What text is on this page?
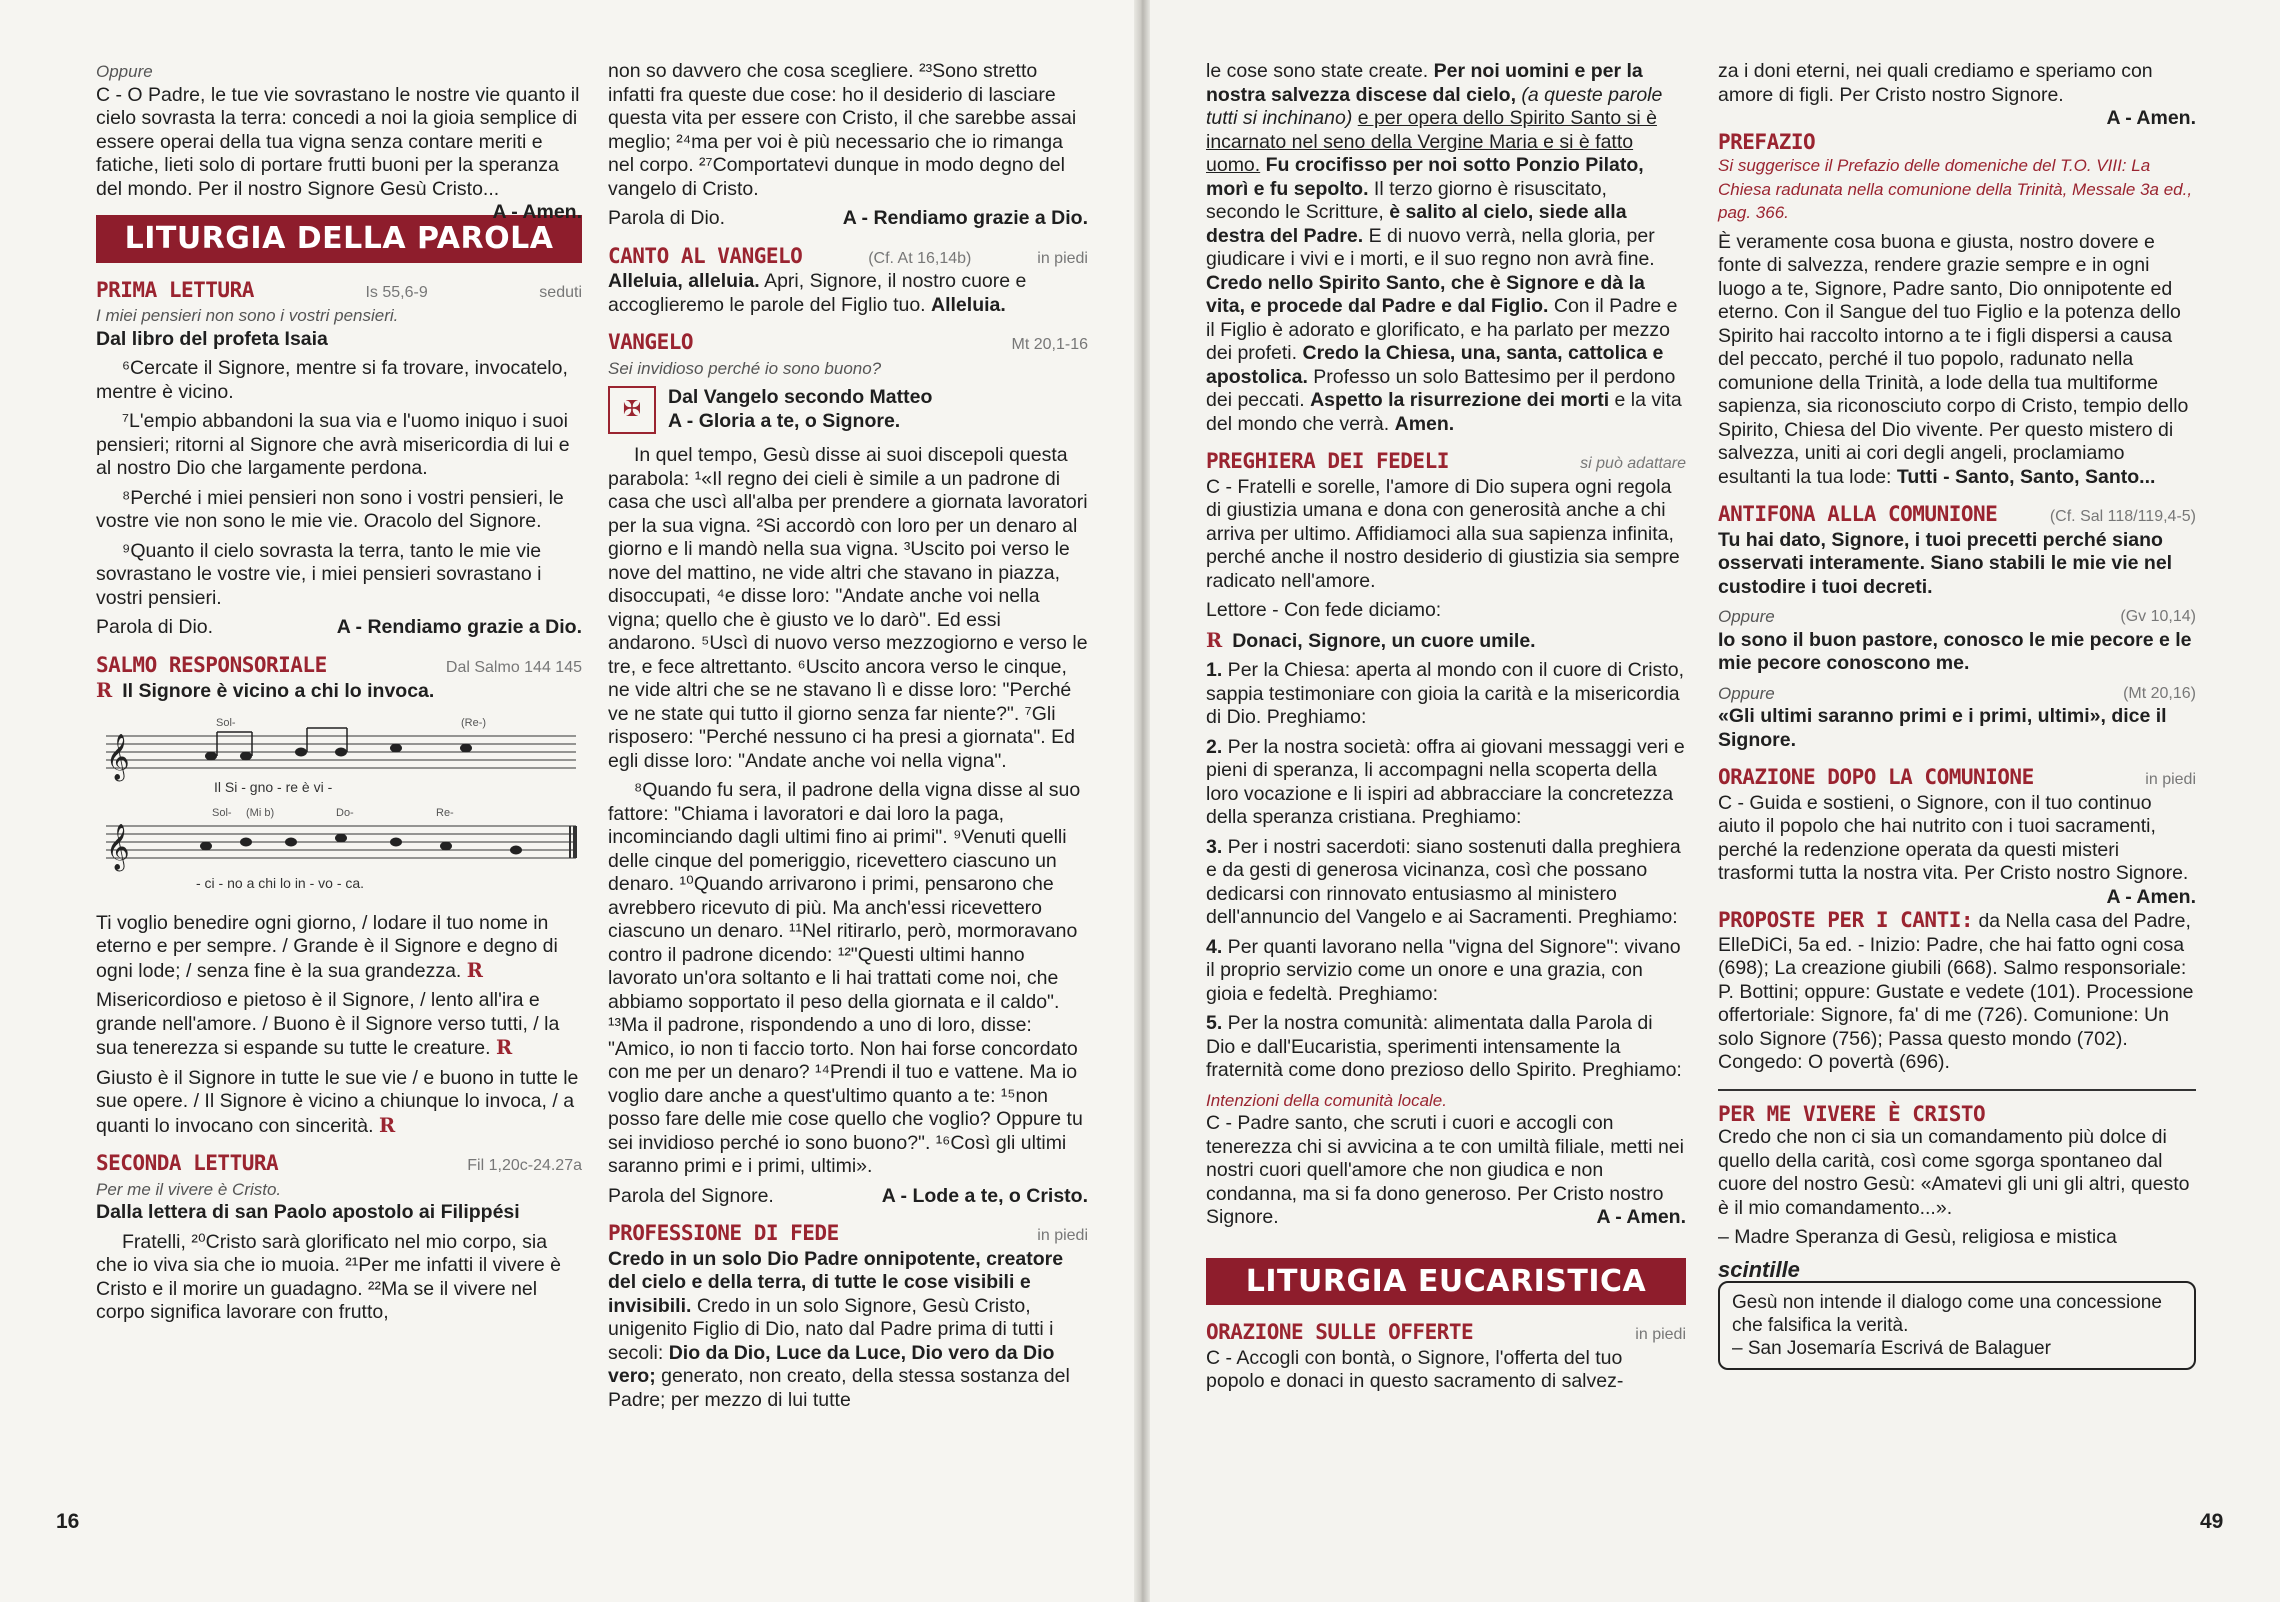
Oppure

C - O Padre, le tue vie sovrastano le nostre vie quanto il cielo sovrasta la terra: concedi a noi la gioia semplice di essere operai della tua vigna senza contare meriti e fatiche, lieti solo di portare frutti buoni per la speranza del mondo. Per il nostro Signore Gesù Cristo...
A - Amen.

LITURGIA DELLA PAROLA
PRIMA LETTURA	Is 55,6-9	seduti
I miei pensieri non sono i vostri pensieri.

Dal libro del profeta Isaia

⁶Cercate il Signore, mentre si fa trovare, invocatelo, mentre è vicino.

⁷L'empio abbandoni la sua via e l'uomo iniquo i suoi pensieri; ritorni al Signore che avrà misericordia di lui e al nostro Dio che largamente perdona.

⁸Perché i miei pensieri non sono i vostri pensieri, le vostre vie non sono le mie vie. Oracolo del Signore.

⁹Quanto il cielo sovrasta la terra, tanto le mie vie sovrastano le vostre vie, i miei pensieri sovrastano i vostri pensieri.

Parola di Dio.	A - Rendiamo grazie a Dio.
SALMO RESPONSORIALE	Dal Salmo 144 145

R Il Signore è vicino a chi lo invoca.

Sol-	(Re-)
𝄞
Il Si - gno - re è vi -
Sol- (Mi b)	Do-	Re-
𝄞
- ci - no a chi lo in - vo - ca.

Ti voglio benedire ogni giorno, / lodare il tuo nome in eterno e per sempre. / Grande è il Signore e degno di ogni lode; / senza fine è la sua grandezza. R

Misericordioso e pietoso è il Signore, / lento all'ira e grande nell'amore. / Buono è il Signore verso tutti, / la sua tenerezza si espande su tutte le creature. R

Giusto è il Signore in tutte le sue vie / e buono in tutte le sue opere. / Il Signore è vicino a chiunque lo invoca, / a quanti lo invocano con sincerità. R

SECONDA LETTURA	Fil 1,20c-24.27a
Per me il vivere è Cristo.

Dalla lettera di san Paolo apostolo ai Filippési

Fratelli, ²⁰Cristo sarà glorificato nel mio corpo, sia che io viva sia che io muoia. ²¹Per me infatti il vivere è Cristo e il morire un guadagno. ²²Ma se il vivere nel corpo significa lavorare con frutto,

16

non so davvero che cosa scegliere. ²³Sono stretto infatti fra queste due cose: ho il desiderio di lasciare questa vita per essere con Cristo, il che sarebbe assai meglio; ²⁴ma per voi è più necessario che io rimanga nel corpo. ²⁷Comportatevi dunque in modo degno del vangelo di Cristo.

Parola di Dio.	A - Rendiamo grazie a Dio.
CANTO AL VANGELO	(Cf. At 16,14b)	in piedi

Alleluia, alleluia. Apri, Signore, il nostro cuore e accoglieremo le parole del Figlio tuo. Alleluia.

VANGELO	Mt 20,1-16
Sei invidioso perché io sono buono?
✠	Dal Vangelo secondo Matteo
A - Gloria a te, o Signore.

In quel tempo, Gesù disse ai suoi discepoli questa parabola: ¹«Il regno dei cieli è simile a un padrone di casa che uscì all'alba per prendere a giornata lavoratori per la sua vigna. ²Si accordò con loro per un denaro al giorno e li mandò nella sua vigna. ³Uscito poi verso le nove del mattino, ne vide altri che stavano in piazza, disoccupati, ⁴e disse loro: "Andate anche voi nella vigna; quello che è giusto ve lo darò". Ed essi andarono. ⁵Uscì di nuovo verso mezzogiorno e verso le tre, e fece altrettanto. ⁶Uscito ancora verso le cinque, ne vide altri che se ne stavano lì e disse loro: "Perché ve ne state qui tutto il giorno senza far niente?". ⁷Gli risposero: "Perché nessuno ci ha presi a giornata". Ed egli disse loro: "Andate anche voi nella vigna".

⁸Quando fu sera, il padrone della vigna disse al suo fattore: "Chiama i lavoratori e dai loro la paga, incominciando dagli ultimi fino ai primi". ⁹Venuti quelli delle cinque del pomeriggio, ricevettero ciascuno un denaro. ¹⁰Quando arrivarono i primi, pensarono che avrebbero ricevuto di più. Ma anch'essi ricevettero ciascuno un denaro. ¹¹Nel ritirarlo, però, mormoravano contro il padrone dicendo: ¹²"Questi ultimi hanno lavorato un'ora soltanto e li hai trattati come noi, che abbiamo sopportato il peso della giornata e il caldo". ¹³Ma il padrone, rispondendo a uno di loro, disse: "Amico, io non ti faccio torto. Non hai forse concordato con me per un denaro? ¹⁴Prendi il tuo e vattene. Ma io voglio dare anche a quest'ultimo quanto a te: ¹⁵non posso fare delle mie cose quello che voglio? Oppure tu sei invidioso perché io sono buono?". ¹⁶Così gli ultimi saranno primi e i primi, ultimi».

Parola del Signore.	A - Lode a te, o Cristo.
PROFESSIONE DI FEDE	in piedi

Credo in un solo Dio Padre onnipotente, creatore del cielo e della terra, di tutte le cose visibili e invisibili. Credo in un solo Signore, Gesù Cristo, unigenito Figlio di Dio, nato dal Padre prima di tutti i secoli: Dio da Dio, Luce da Luce, Dio vero da Dio vero; generato, non creato, della stessa sostanza del Padre; per mezzo di lui tutte

le cose sono state create. Per noi uomini e per la nostra salvezza discese dal cielo, (a queste parole tutti si inchinano) e per opera dello Spirito Santo si è incarnato nel seno della Vergine Maria e si è fatto uomo. Fu crocifisso per noi sotto Ponzio Pilato, morì e fu sepolto. Il terzo giorno è risuscitato, secondo le Scritture, è salito al cielo, siede alla destra del Padre. E di nuovo verrà, nella gloria, per giudicare i vivi e i morti, e il suo regno non avrà fine. Credo nello Spirito Santo, che è Signore e dà la vita, e procede dal Padre e dal Figlio. Con il Padre e il Figlio è adorato e glorificato, e ha parlato per mezzo dei profeti. Credo la Chiesa, una, santa, cattolica e apostolica. Professo un solo Battesimo per il perdono dei peccati. Aspetto la risurrezione dei morti e la vita del mondo che verrà. Amen.

PREGHIERA DEI FEDELI	si può adattare

C - Fratelli e sorelle, l'amore di Dio supera ogni regola di giustizia umana e dona con generosità anche a chi arriva per ultimo. Affidiamoci alla sua sapienza infinita, perché anche il nostro desiderio di giustizia sia sempre radicato nell'amore.

Lettore - Con fede diciamo:

R Donaci, Signore, un cuore umile.

1. Per la Chiesa: aperta al mondo con il cuore di Cristo, sappia testimoniare con gioia la carità e la misericordia di Dio. Preghiamo:

2. Per la nostra società: offra ai giovani messaggi veri e pieni di speranza, li accompagni nella scoperta della loro vocazione e li ispiri ad abbracciare la concretezza della speranza cristiana. Preghiamo:

3. Per i nostri sacerdoti: siano sostenuti dalla preghiera e da gesti di generosa vicinanza, così che possano dedicarsi con rinnovato entusiasmo al ministero dell'annuncio del Vangelo e ai Sacramenti. Preghiamo:

4. Per quanti lavorano nella "vigna del Signore": vivano il proprio servizio come un onore e una grazia, con gioia e fedeltà. Preghiamo:

5. Per la nostra comunità: alimentata dalla Parola di Dio e dall'Eucaristia, sperimenti intensamente la fraternità come dono prezioso dello Spirito. Preghiamo:

Intenzioni della comunità locale.

C - Padre santo, che scruti i cuori e accogli con tenerezza chi si avvicina a te con umiltà filiale, metti nei nostri cuori quell'amore che non giudica e non condanna, ma si fa dono generoso. Per Cristo nostro Signore.	A - Amen.

LITURGIA EUCARISTICA
ORAZIONE SULLE OFFERTE	in piedi

C - Accogli con bontà, o Signore, l'offerta del tuo popolo e donaci in questo sacramento di salvez-

za i doni eterni, nei quali crediamo e speriamo con amore di figli. Per Cristo nostro Signore.

A - Amen.

PREFAZIO

Si suggerisce il Prefazio delle domeniche del T.O. VIII: La Chiesa radunata nella comunione della Trinità, Messale 3a ed., pag. 366.

È veramente cosa buona e giusta, nostro dovere e fonte di salvezza, rendere grazie sempre e in ogni luogo a te, Signore, Padre santo, Dio onnipotente ed eterno. Con il Sangue del tuo Figlio e la potenza dello Spirito hai raccolto intorno a te i figli dispersi a causa del peccato, perché il tuo popolo, radunato nella comunione della Trinità, a lode della tua multiforme sapienza, sia riconosciuto corpo di Cristo, tempio dello Spirito, Chiesa del Dio vivente. Per questo mistero di salvezza, uniti ai cori degli angeli, proclamiamo esultanti la tua lode: Tutti - Santo, Santo, Santo...

ANTIFONA ALLA COMUNIONE	(Cf. Sal 118/119,4-5)

Tu hai dato, Signore, i tuoi precetti perché siano osservati interamente. Siano stabili le mie vie nel custodire i tuoi decreti.

Oppure	(Gv 10,14)

Io sono il buon pastore, conosco le mie pecore e le mie pecore conoscono me.

Oppure	(Mt 20,16)

«Gli ultimi saranno primi e i primi, ultimi», dice il Signore.

ORAZIONE DOPO LA COMUNIONE	in piedi

C - Guida e sostieni, o Signore, con il tuo continuo aiuto il popolo che hai nutrito con i tuoi sacramenti, perché la redenzione operata da questi misteri trasformi tutta la nostra vita. Per Cristo nostro Signore.
A - Amen.

PROPOSTE PER I CANTI: da Nella casa del Padre, ElleDiCi, 5a ed. - Inizio: Padre, che hai fatto ogni cosa (698); La creazione giubili (668). Salmo responsoriale: P. Bottini; oppure: Gustate e vedete (101). Processione offertoriale: Signore, fa' di me (726). Comunione: Un solo Signore (756); Passa questo mondo (702). Congedo: O povertà (696).

PER ME VIVERE È CRISTO

Credo che non ci sia un comandamento più dolce di quello della carità, così come sgorga spontaneo dal cuore del nostro Gesù: «Amatevi gli uni gli altri, questo è il mio comandamento...».

– Madre Speranza di Gesù, religiosa e mistica

scintille
Gesù non intende il dialogo come una concessione che falsifica la verità.
– San Josemaría Escrivá de Balaguer
49
